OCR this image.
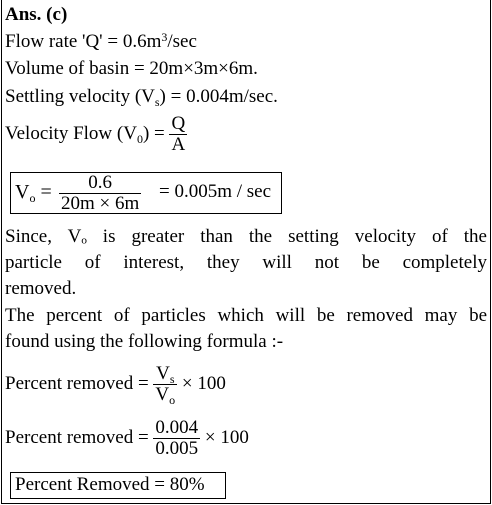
Ans. (c)
Flow rate '$Q' = 0.6m^3/\sec$
Volume of basin = 20m×3m×6m.
Settling velocity $(V_s) = 0.004m/\sec$.
Velocity Flow $(V_0) = \frac{Q}{A}$
$V_o = \frac{0.6}{20m \times 6m} = 0.005m / \sec$
Since, Vₒ is greater than the setting velocity of the
particle of interest, they will not be completely
removed.
The percent of particles which will be removed may be
found using the following formula :-
Percent removed = $\frac{V_s}{V_o} \times 100$
Percent removed = $\frac{0.004}{0.005} \times 100$
Percent Removed = 80%
